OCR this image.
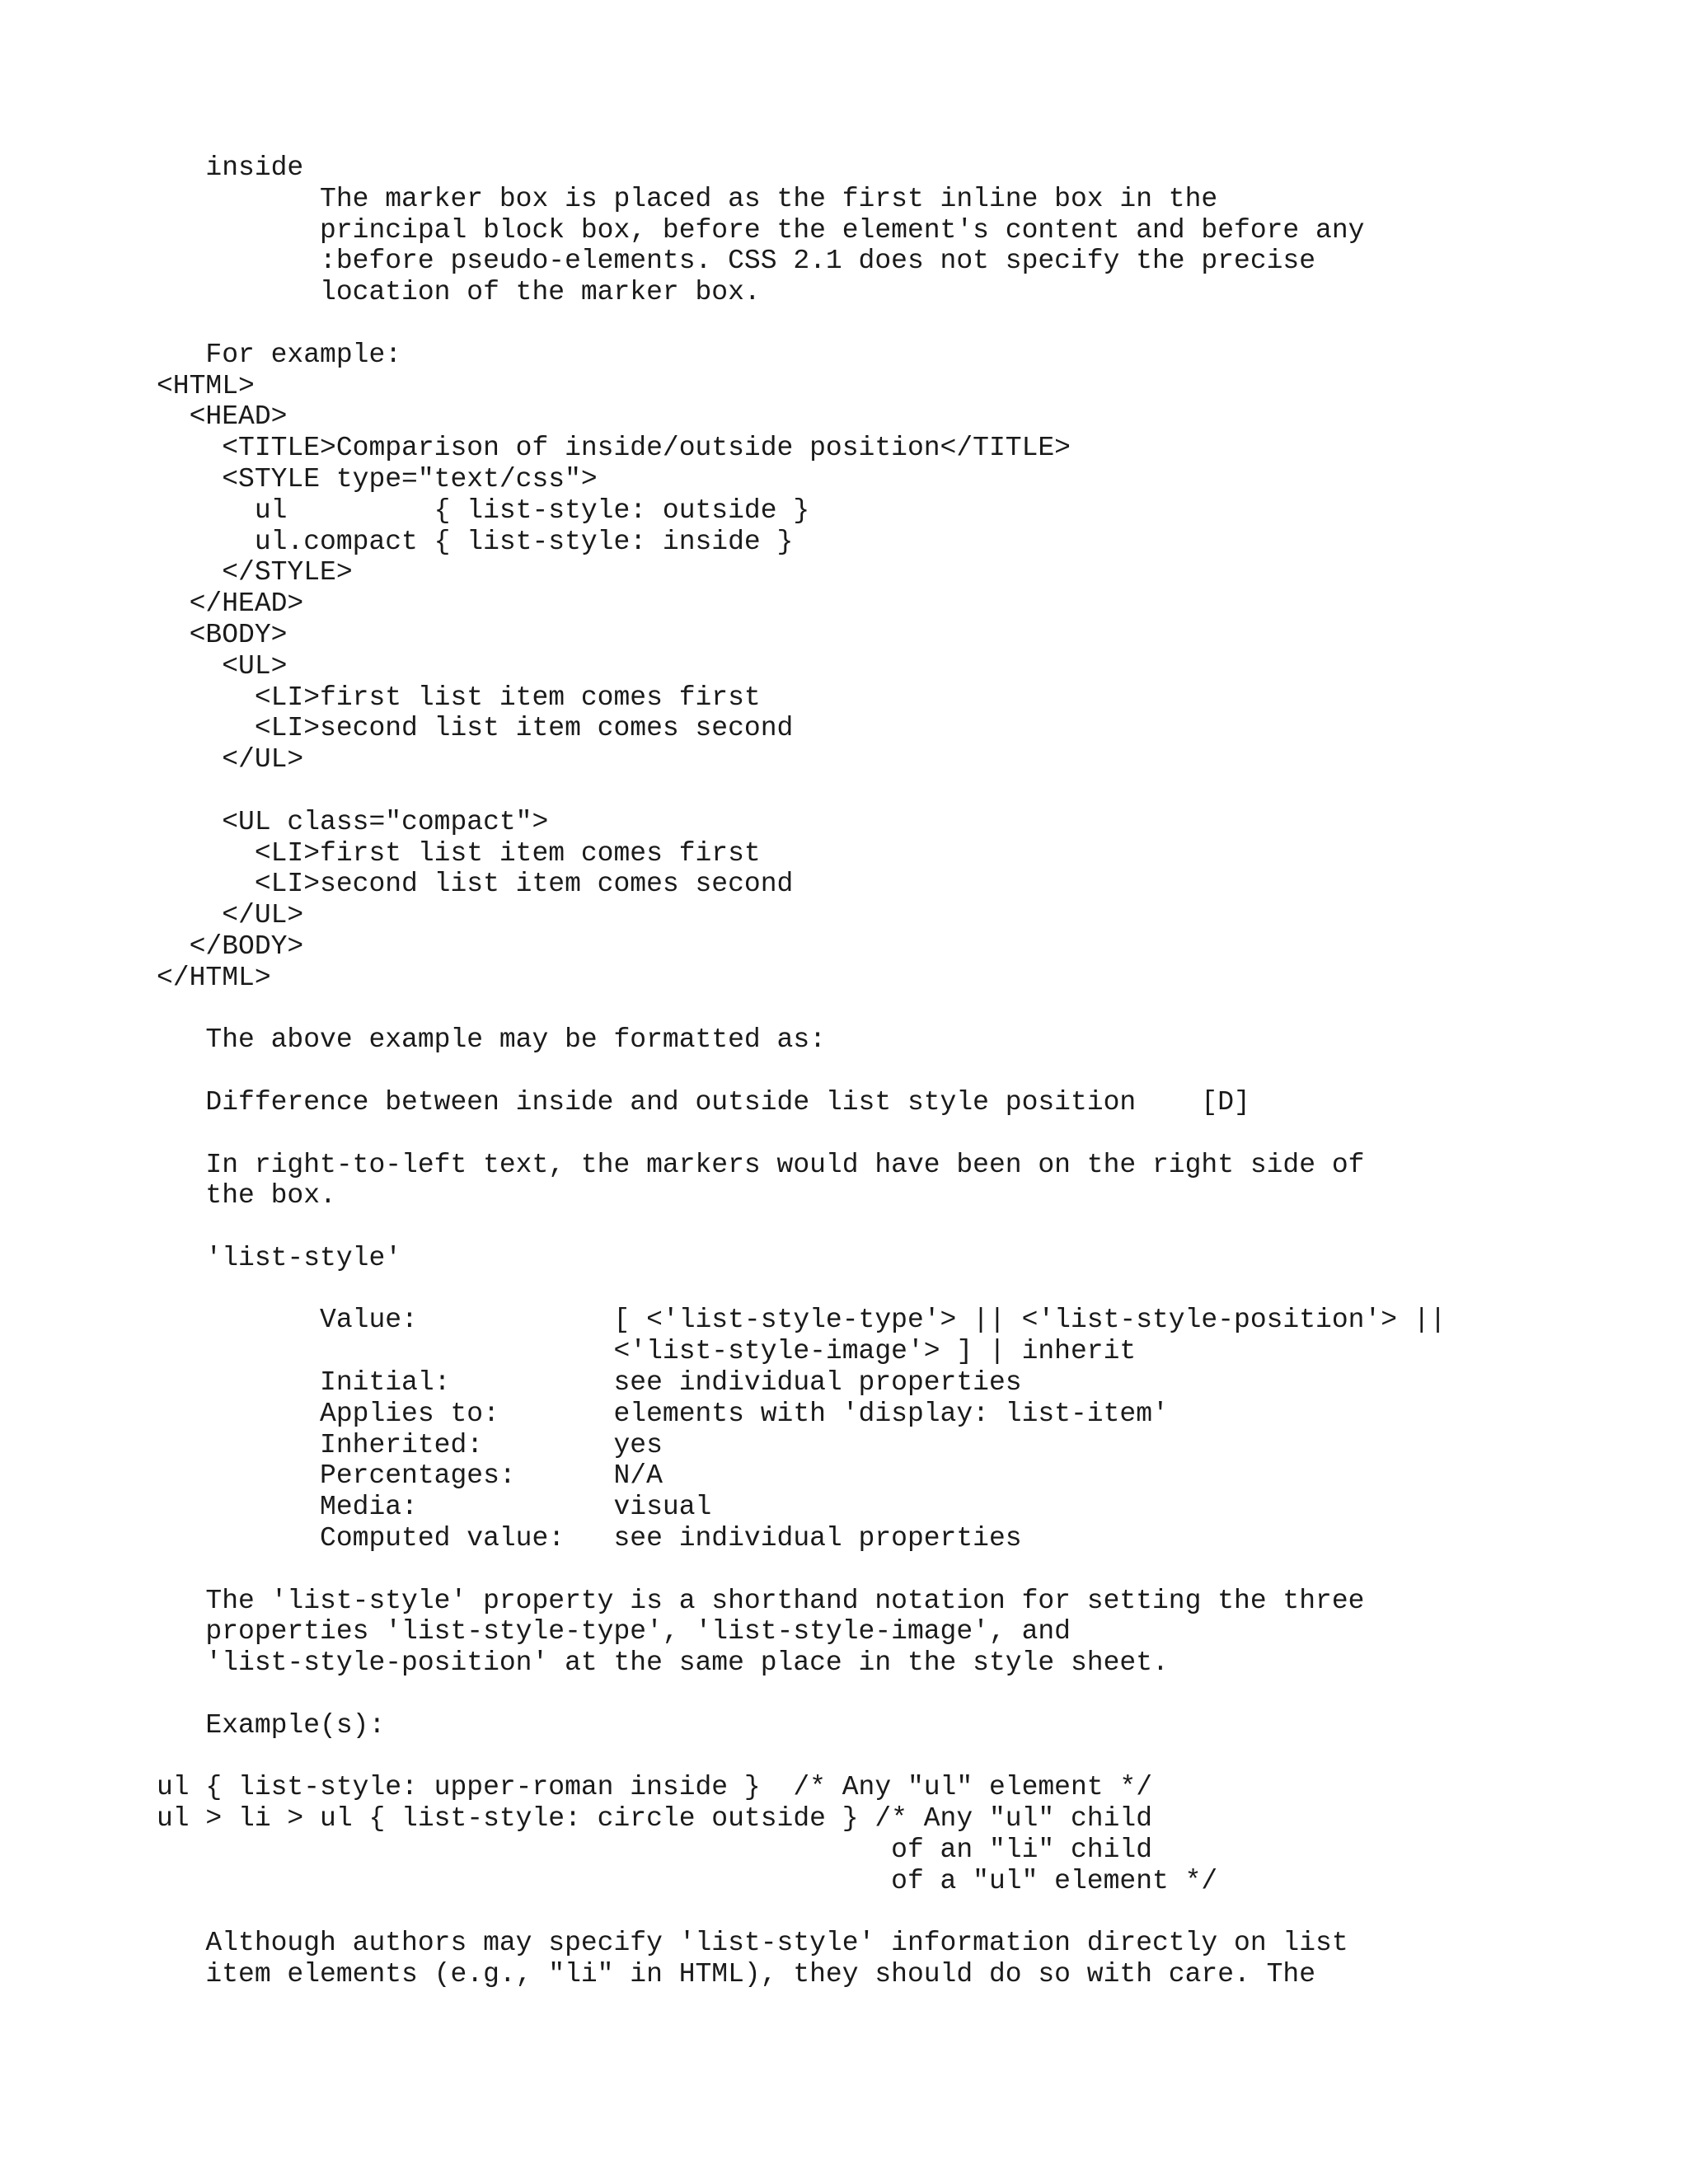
inside
The marker box is placed as the first inline box in the
principal block box, before the element's content and before any
:before pseudo-elements. CSS 2.1 does not specify the precise
location of the marker box.
For example:
<HTML>
<HEAD>
<TITLE>Comparison of inside/outside position</TITLE>
<STYLE type="text/css">
ul         { list-style: outside }
ul.compact { list-style: inside }
</STYLE>
</HEAD>
<BODY>
<UL>
<LI>first list item comes first
<LI>second list item comes second
</UL>
<UL class="compact">
<LI>first list item comes first
<LI>second list item comes second
</UL>
</BODY>
</HTML>
The above example may be formatted as:
Difference between inside and outside list style position    [D]
In right-to-left text, the markers would have been on the right side of
the box.
'list-style'
Value:            [ <'list-style-type'> || <'list-style-position'> ||
<'list-style-image'> ] | inherit
Initial:          see individual properties
Applies to:       elements with 'display: list-item'
Inherited:        yes
Percentages:      N/A
Media:            visual
Computed value:   see individual properties
The 'list-style' property is a shorthand notation for setting the three
properties 'list-style-type', 'list-style-image', and
'list-style-position' at the same place in the style sheet.
Example(s):
ul { list-style: upper-roman inside }  /* Any "ul" element */
ul > li > ul { list-style: circle outside } /* Any "ul" child
of an "li" child
of a "ul" element */
Although authors may specify 'list-style' information directly on list
item elements (e.g., "li" in HTML), they should do so with care. The
